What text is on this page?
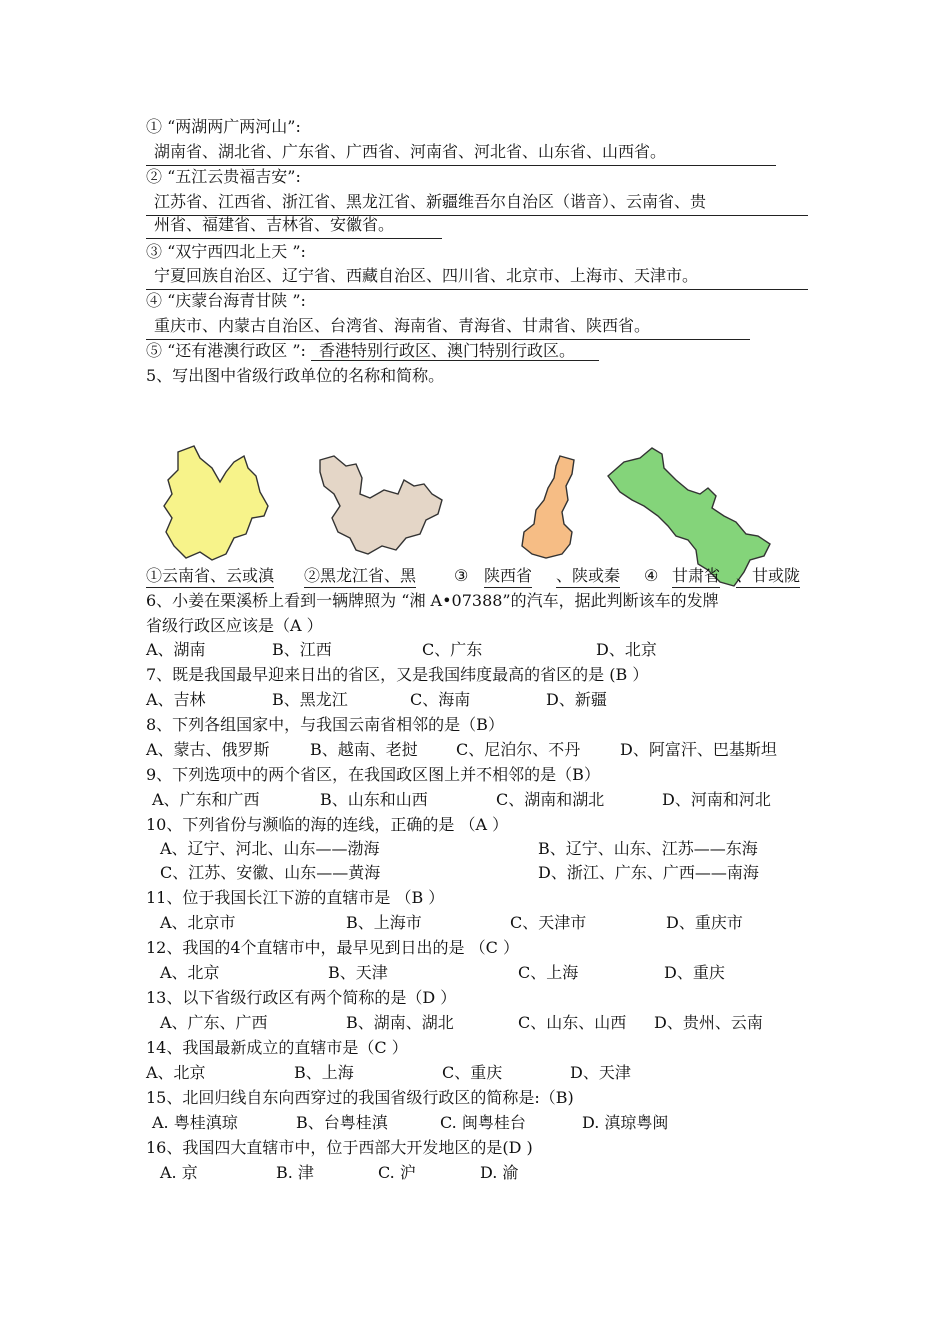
① “两湖两广两河山”:
湖南省、湖北省、广东省、广西省、河南省、河北省、山东省、山西省。
② “五江云贵福吉安”:
江苏省、江西省、浙江省、黑龙江省、新疆维吾尔自治区（谐音）、云南省、贵
州省、福建省、吉林省、安徽省。
③ “双宁西四北上天 ”:
宁夏回族自治区、辽宁省、西藏自治区、四川省、北京市、上海市、天津市。
④ “庆蒙台海青甘陕 ”:
重庆市、内蒙古自治区、台湾省、海南省、青海省、甘肃省、陕西省。
⑤ “还有港澳行政区 ”: 香港特别行政区、澳门特别行政区。
5、写出图中省级行政单位的名称和简称。
①云南省、云或滇 ②黑龙江省、黑 ③ 陕西省 、陕或秦 ④ 甘肃省 、甘或陇
6、小姜在栗溪桥上看到一辆牌照为 “湘 A•07388”的汽车，据此判断该车的发牌
省级行政区应该是（A ）
A、湖南	B、江西	C、广东	D、北京
7、既是我国最早迎来日出的省区，又是我国纬度最高的省区的是 (B ）
A、吉林	B、黑龙江	C、海南	D、新疆
8、下列各组国家中，与我国云南省相邻的是（B）
A、蒙古、俄罗斯	B、越南、老挝 C、尼泊尔、不丹 D、阿富汗、巴基斯坦
9、下列选项中的两个省区，在我国政区图上并不相邻的是（B）
A、广东和广西	B、山东和山西	C、湖南和湖北	D、河南和河北
10、下列省份与濒临的海的连线，正确的是 （A ）
A、辽宁、河北、山东——渤海	B、辽宁、山东、江苏——东海
C、江苏、安徽、山东——黄海	D、浙江、广东、广西——南海
11、位于我国长江下游的直辖市是 （B ）
A、北京市	B、上海市	C、天津市	D、重庆市
12、我国的4个直辖市中，最早见到日出的是 （C ）
A、北京	B、天津	C、上海	D、重庆
13、以下省级行政区有两个简称的是（D ）
A、广东、广西	B、湖南、湖北	C、山东、山西 D、贵州、云南
14、我国最新成立的直辖市是（C ）
A、北京	B、上海	C、重庆	D、天津
15、北回归线自东向西穿过的我国省级行政区的简称是:（B)
A. 粤桂滇琼	B、台粤桂滇	C. 闽粤桂台	D. 滇琼粤闽
16、我国四大直辖市中，位于西部大开发地区的是(D )
A. 京	B. 津	C. 沪	D. 渝
